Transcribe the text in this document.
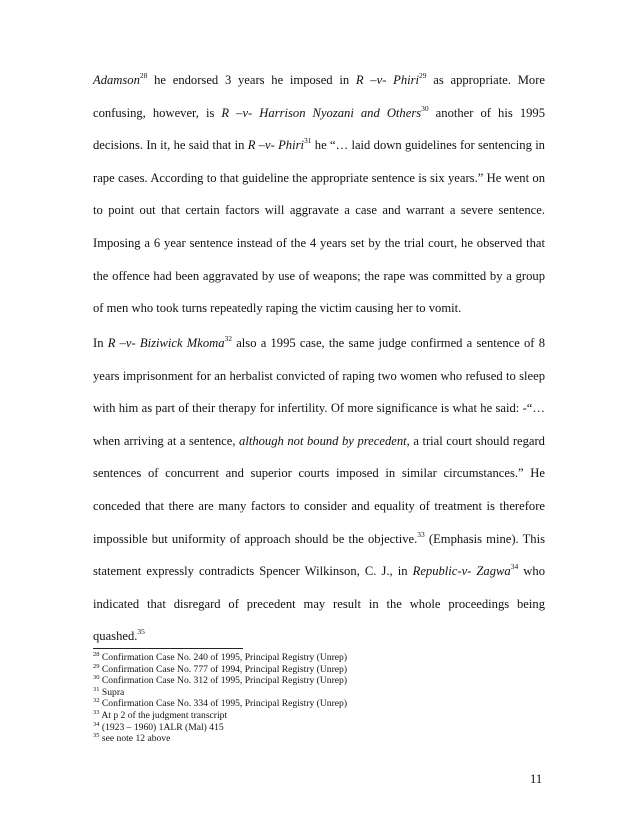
Adamson$^{28}$ he endorsed 3 years he imposed in R –v- Phiri$^{29}$ as appropriate. More
confusing, however, is R –v- Harrison Nyozani and Others$^{30}$ another of his 1995
decisions. In it, he said that in R –v- Phiri$^{31}$ he “… laid down guidelines for sentencing in
rape cases. According to that guideline the appropriate sentence is six years.” He went on
to point out that certain factors will aggravate a case and warrant a severe sentence.
Imposing a 6 year sentence instead of the 4 years set by the trial court, he observed that
the offence had been aggravated by use of weapons; the rape was committed by a group
of men who took turns repeatedly raping the victim causing her to vomit.
In R –v- Biziwick Mkoma$^{32}$ also a 1995 case, the same judge confirmed a sentence of 8
years imprisonment for an herbalist convicted of raping two women who refused to sleep
with him as part of their therapy for infertility. Of more significance is what he said: -“…
when arriving at a sentence, although not bound by precedent, a trial court should regard
sentences of concurrent and superior courts imposed in similar circumstances.” He
conceded that there are many factors to consider and equality of treatment is therefore
impossible but uniformity of approach should be the objective.$^{33}$ (Emphasis mine). This
statement expressly contradicts Spencer Wilkinson, C. J., in Republic-v- Zagwa$^{34}$ who
indicated that disregard of precedent may result in the whole proceedings being
quashed.$^{35}$
$^{28}$ Confirmation Case No. 240 of 1995, Principal Registry (Unrep)
$^{29}$ Confirmation Case No. 777 of 1994, Principal Registry (Unrep)
$^{30}$ Confirmation Case No. 312 of 1995, Principal Registry (Unrep)
$^{31}$ Supra
$^{32}$ Confirmation Case No. 334 of 1995, Principal Registry (Unrep)
$^{33}$ At p 2 of the judgment transcript
$^{34}$ (1923 – 1960) 1ALR (Mal) 415
$^{35}$ see note 12 above
11
